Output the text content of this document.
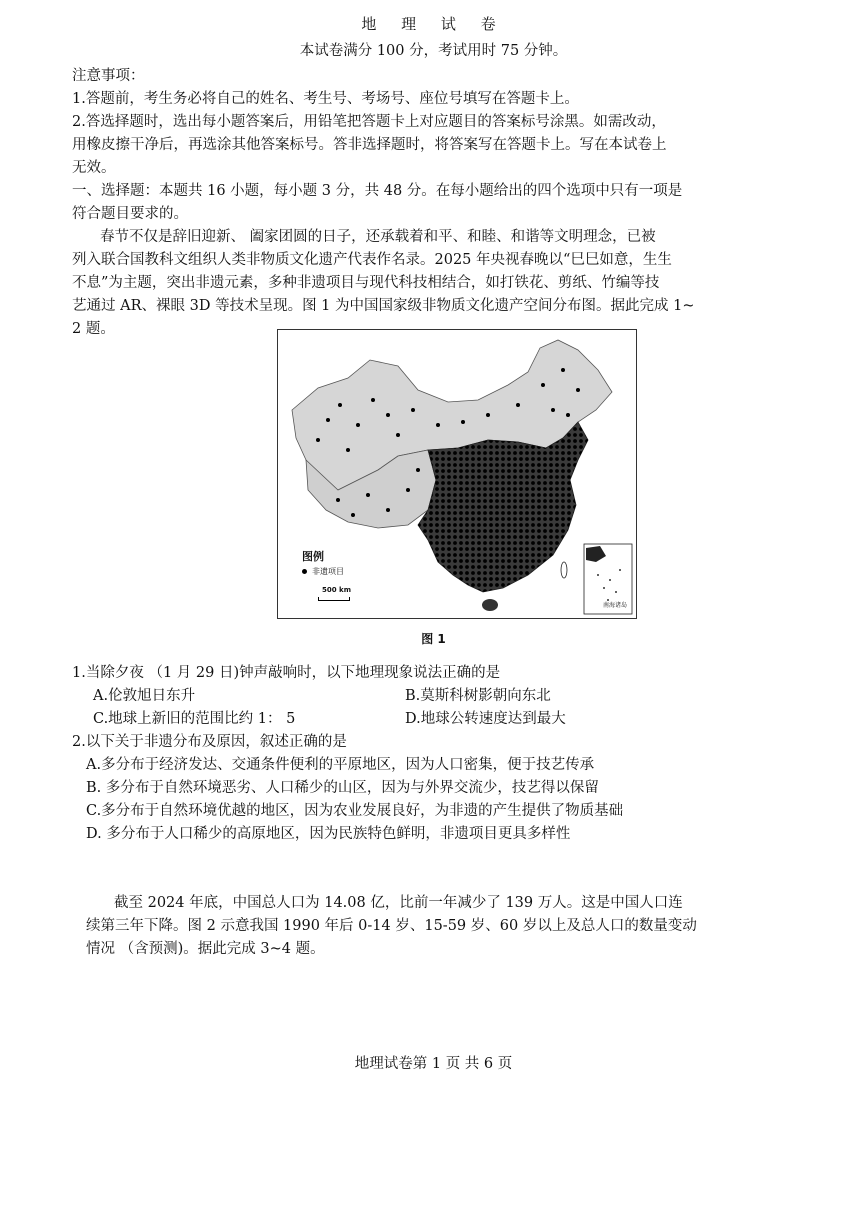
地 理 试 卷
本试卷满分 100 分，考试用时 75 分钟。
注意事项：
1.答题前，考生务必将自己的姓名、考生号、考场号、座位号填写在答题卡上。
2.答选择题时，选出每小题答案后，用铅笔把答题卡上对应题目的答案标号涂黑。如需改动，
用橡皮擦干净后，再选涂其他答案标号。答非选择题时，将答案写在答题卡上。写在本试卷上
无效。
一、选择题：本题共 16 小题，每小题 3 分，共 48 分。在每小题给出的四个选项中只有一项是
符合题目要求的。
春节不仅是辞旧迎新、 阖家团圆的日子，还承载着和平、和睦、和谐等文明理念，已被
列入联合国教科文组织人类非物质文化遗产代表作名录。2025 年央视春晚以“巳巳如意，生生
不息”为主题，突出非遗元素，多种非遗项目与现代科技相结合，如打铁花、剪纸、竹编等技
艺通过 AR、裸眼 3D 等技术呈现。图 1 为中国国家级非物质文化遗产空间分布图。据此完成 1~
2 题。
图例
非遗项目
500 km
南海诸岛
图 1
1.当除夕夜 （1 月 29 日)钟声敲响时，以下地理现象说法正确的是
A.伦敦旭日东升	B.莫斯科树影朝向东北
C.地球上新旧的范围比约 1： 5	D.地球公转速度达到最大
2.以下关于非遗分布及原因，叙述正确的是
A.多分布于经济发达、交通条件便利的平原地区，因为人口密集，便于技艺传承
B. 多分布于自然环境恶劣、人口稀少的山区，因为与外界交流少，技艺得以保留
C.多分布于自然环境优越的地区，因为农业发展良好，为非遗的产生提供了物质基础
D. 多分布于人口稀少的高原地区，因为民族特色鲜明，非遗项目更具多样性
截至 2024 年底，中国总人口为 14.08 亿，比前一年减少了 139 万人。这是中国人口连
续第三年下降。图 2 示意我国 1990 年后 0-14 岁、15-59 岁、60 岁以上及总人口的数量变动
情况 （含预测)。据此完成 3~4 题。
地理试卷第 1 页 共 6 页
